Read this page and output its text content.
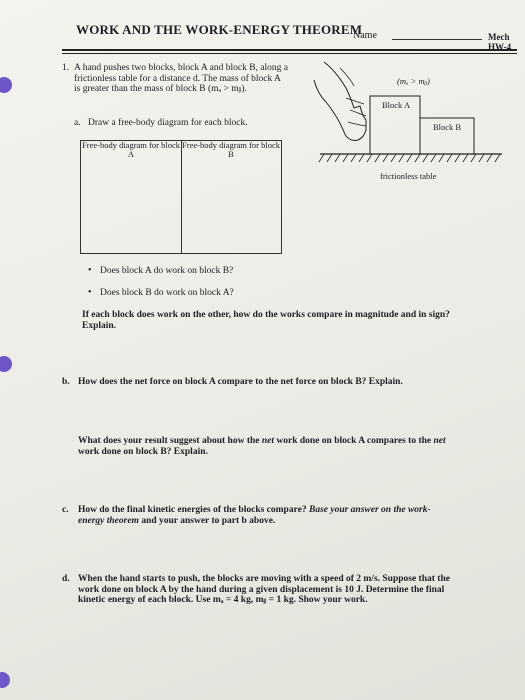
WORK AND THE WORK-ENERGY THEOREM
Name	Mech
HW-4
1. A hand pushes two blocks, block A and block B, along a
frictionless table for a distance d. The mass of block A
is greater than the mass of block B (mₐ > mᵦ).
(mₐ > mᵦ)
Block A
Block B
frictionless table
a. Draw a free-body diagram for each block.
Free-body diagram for block A
Free-body diagram for block B
• Does block A do work on block B?
• Does block B do work on block A?
If each block does work on the other, how do the works compare in magnitude and in sign?
Explain.
b. How does the net force on block A compare to the net force on block B? Explain.
What does your result suggest about how the net work done on block A compares to the net
work done on block B? Explain.
c. How do the final kinetic energies of the blocks compare? Base your answer on the work-
energy theorem and your answer to part b above.
d. When the hand starts to push, the blocks are moving with a speed of 2 m/s. Suppose that the
work done on block A by the hand during a given displacement is 10 J. Determine the final
kinetic energy of each block. Use mₐ = 4 kg, mᵦ = 1 kg. Show your work.
